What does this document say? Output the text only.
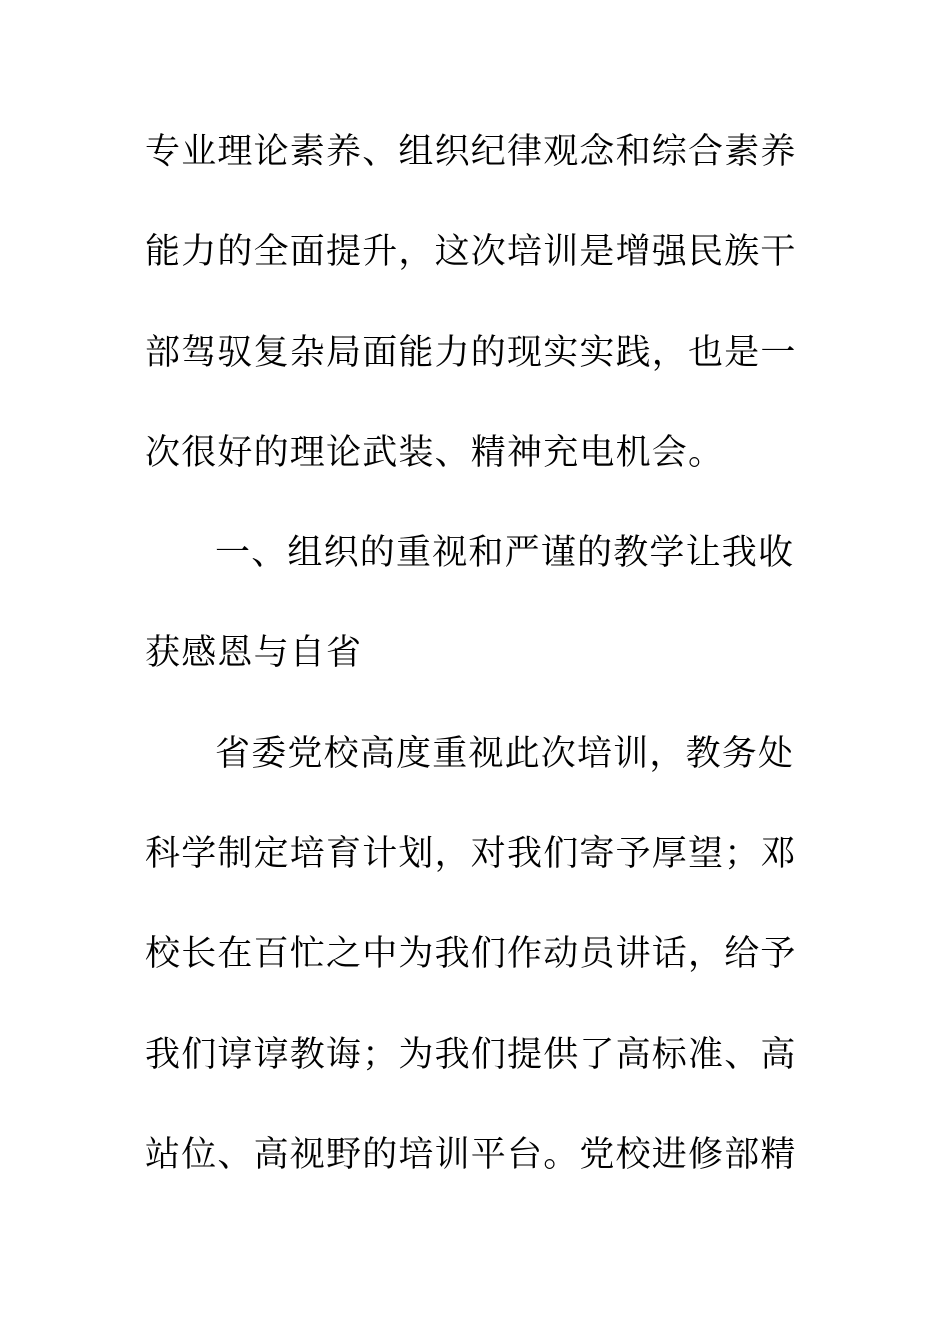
专业理论素养、组织纪律观念和综合素养
能力的全面提升，这次培训是增强民族干
部驾驭复杂局面能力的现实实践，也是一
次很好的理论武装、精神充电机会。
一、组织的重视和严谨的教学让我收
获感恩与自省
省委党校高度重视此次培训，教务处
科学制定培育计划，对我们寄予厚望；邓
校长在百忙之中为我们作动员讲话，给予
我们谆谆教诲；为我们提供了高标准、高
站位、高视野的培训平台。党校进修部精
